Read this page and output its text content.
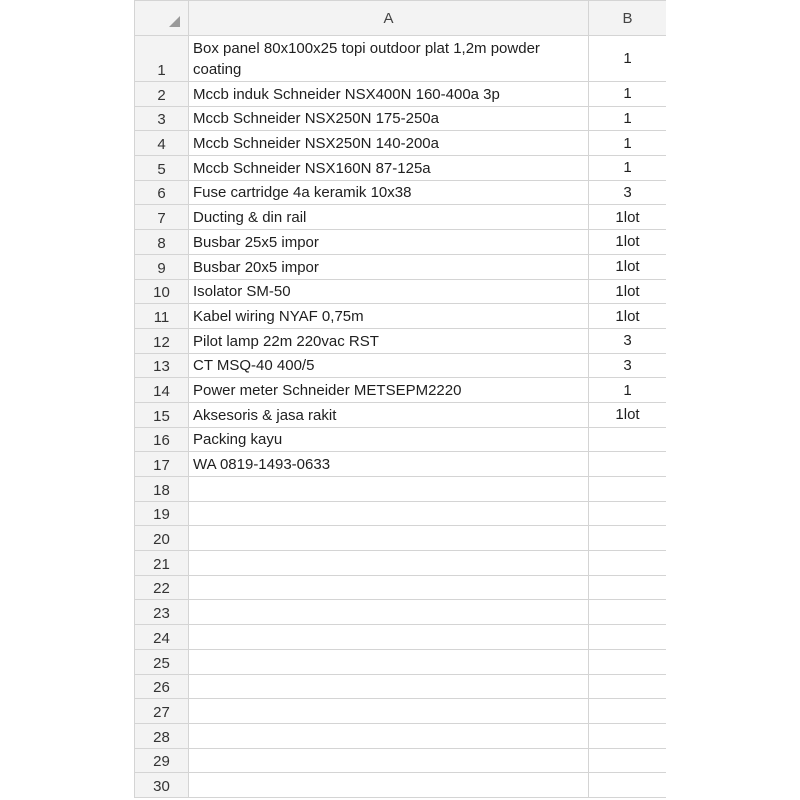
	A	B
1	Box panel 80x100x25 topi outdoor plat 1,2m powder coating	1
2	Mccb induk Schneider NSX400N 160-400a 3p	1
3	Mccb Schneider NSX250N 175-250a	1
4	Mccb Schneider NSX250N 140-200a	1
5	Mccb Schneider NSX160N 87-125a	1
6	Fuse cartridge 4a keramik 10x38	3
7	Ducting & din rail	1lot
8	Busbar 25x5 impor	1lot
9	Busbar 20x5 impor	1lot
10	Isolator SM-50	1lot
11	Kabel wiring NYAF 0,75m	1lot
12	Pilot lamp 22m 220vac RST	3
13	CT MSQ-40 400/5	3
14	Power meter Schneider METSEPM2220	1
15	Aksesoris & jasa rakit	1lot
16	Packing kayu	
17	WA 0819-1493-0633	
18		
19		
20		
21		
22		
23		
24		
25		
26		
27		
28		
29		
30		
